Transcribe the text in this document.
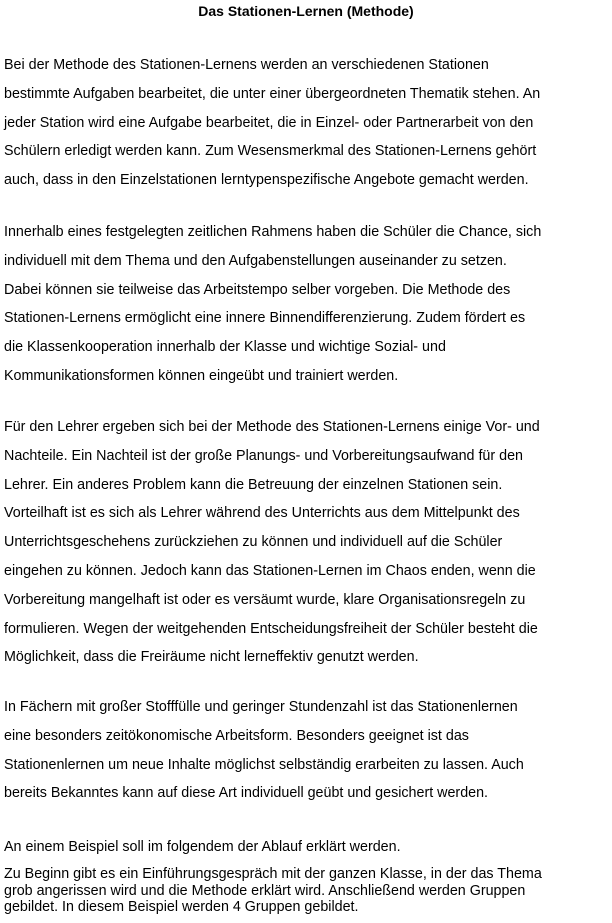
Das Stationen-Lernen (Methode)

Bei der Methode des Stationen-Lernens werden an verschiedenen Stationen
bestimmte Aufgaben bearbeitet, die unter einer übergeordneten Thematik stehen. An
jeder Station wird eine Aufgabe bearbeitet, die in Einzel- oder Partnerarbeit von den
Schülern erledigt werden kann. Zum Wesensmerkmal des Stationen-Lernens gehört
auch, dass in den Einzelstationen lerntypenspezifische Angebote gemacht werden.

Innerhalb eines festgelegten zeitlichen Rahmens haben die Schüler die Chance, sich
individuell mit dem Thema und den Aufgabenstellungen auseinander zu setzen.
Dabei können sie teilweise das Arbeitstempo selber vorgeben. Die Methode des
Stationen-Lernens ermöglicht eine innere Binnendifferenzierung. Zudem fördert es
die Klassenkooperation innerhalb der Klasse und wichtige Sozial- und
Kommunikationsformen können eingeübt und trainiert werden.

Für den Lehrer ergeben sich bei der Methode des Stationen-Lernens einige Vor- und
Nachteile. Ein Nachteil ist der große Planungs- und Vorbereitungsaufwand für den
Lehrer. Ein anderes Problem kann die Betreuung der einzelnen Stationen sein.
Vorteilhaft ist es sich als Lehrer während des Unterrichts aus dem Mittelpunkt des
Unterrichtsgeschehens zurückziehen zu können und individuell auf die Schüler
eingehen zu können. Jedoch kann das Stationen-Lernen im Chaos enden, wenn die
Vorbereitung mangelhaft ist oder es versäumt wurde, klare Organisationsregeln zu
formulieren. Wegen der weitgehenden Entscheidungsfreiheit der Schüler besteht die
Möglichkeit, dass die Freiräume nicht lerneffektiv genutzt werden.

In Fächern mit großer Stofffülle und geringer Stundenzahl ist das Stationenlernen
eine besonders zeitökonomische Arbeitsform. Besonders geeignet ist das
Stationenlernen um neue Inhalte möglichst selbständig erarbeiten zu lassen. Auch
bereits Bekanntes kann auf diese Art individuell geübt und gesichert werden.

An einem Beispiel soll im folgendem der Ablauf erklärt werden.

Zu Beginn gibt es ein Einführungsgespräch mit der ganzen Klasse, in der das Thema
grob angerissen wird und die Methode erklärt wird. Anschließend werden Gruppen
gebildet. In diesem Beispiel werden 4 Gruppen gebildet.
